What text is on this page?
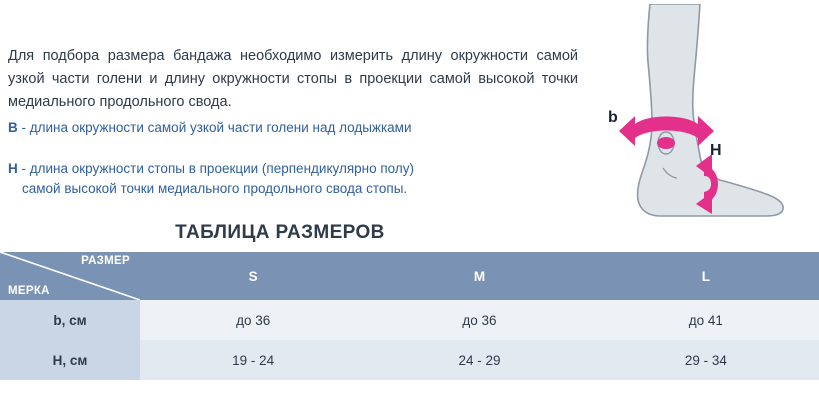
Для подбора размера бандажа необходимо измерить длину окружности самой узкой части голени и длину окружности стопы в проекции самой высокой точки медиального продольного свода.

B - длина окружности самой узкой части голени над лодыжками
H - длина окружности стопы в проекции (перпендикулярно полу)
самой высокой точки медиального продольного свода стопы.
b
H
ТАБЛИЦА РАЗМЕРОВ
РАЗМЕР
МЕРКА	S	M	L
b, см	до 36	до 36	до 41
H, см	19 - 24	24 - 29	29 - 34
